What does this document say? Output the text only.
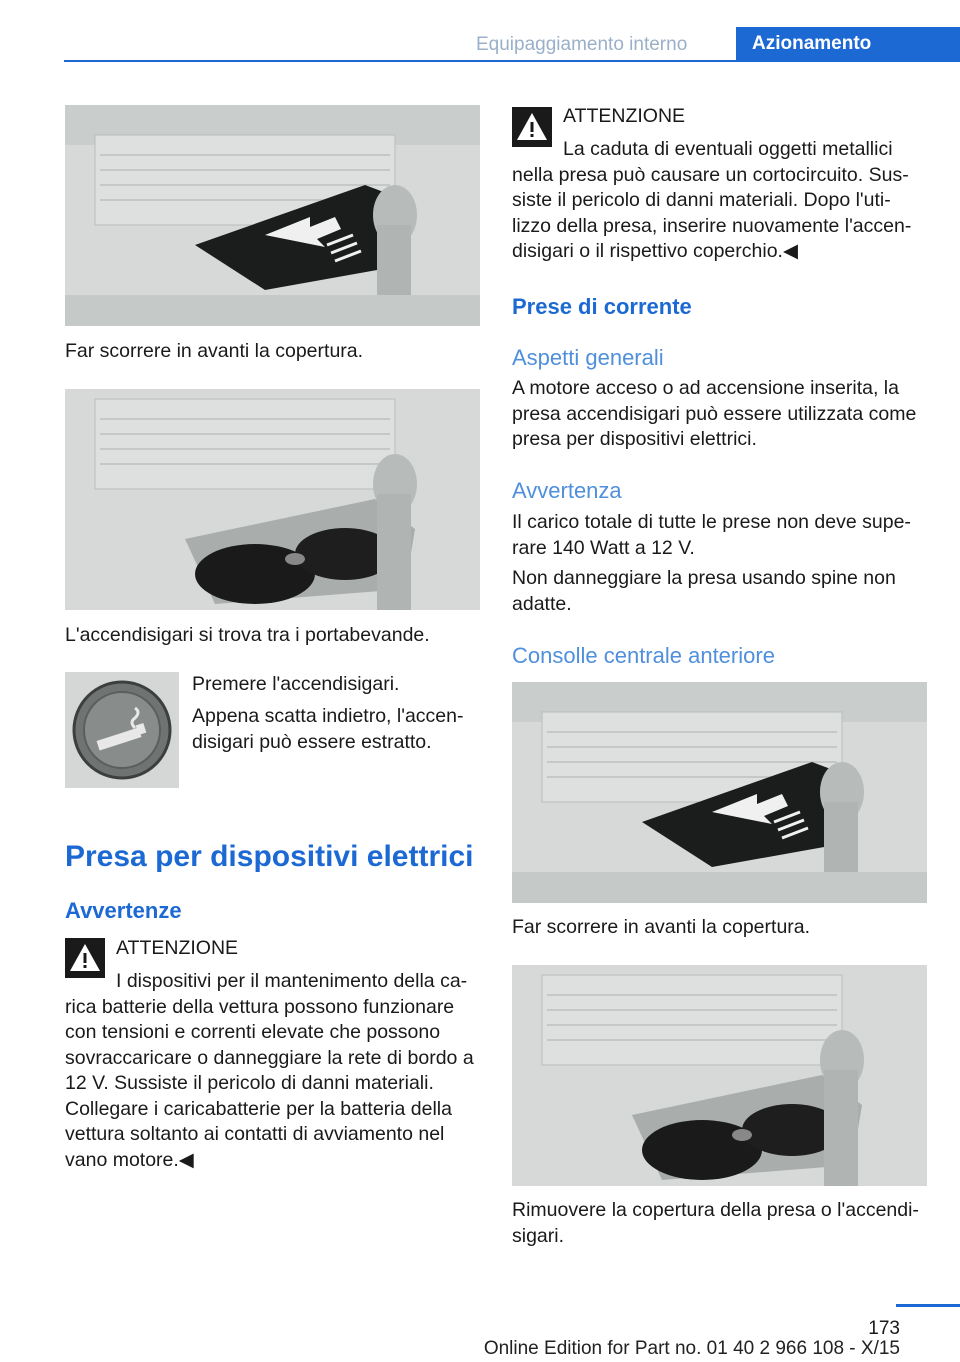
Equipaggiamento interno	Azionamento
Far scorrere in avanti la copertura.
L'accendisigari si trova tra i portabevande.
Premere l'accendisigari.
Appena scatta indietro, l'accen‐disigari può essere estratto.
Presa per dispositivi elettrici
Avvertenze
ATTENZIONE
I dispositivi per il mantenimento della ca‐rica batterie della vettura possono funzionare con tensioni e correnti elevate che possono sovraccaricare o danneggiare la rete di bordo a 12 V. Sussiste il pericolo di danni materiali. Collegare i caricabatterie per la batteria della vettura soltanto ai contatti di avviamento nel vano motore.◀
ATTENZIONE
La caduta di eventuali oggetti metallici nella presa può causare un cortocircuito. Sus‐siste il pericolo di danni materiali. Dopo l'uti‐lizzo della presa, inserire nuovamente l'accen‐disigari o il rispettivo coperchio.◀
Prese di corrente
Aspetti generali
A motore acceso o ad accensione inserita, la presa accendisigari può essere utilizzata come presa per dispositivi elettrici.
Avvertenza
Il carico totale di tutte le prese non deve supe‐rare 140 Watt a 12 V.
Non danneggiare la presa usando spine non adatte.
Consolle centrale anteriore
Far scorrere in avanti la copertura.
Rimuovere la copertura della presa o l'accendi‐sigari.
173
Online Edition for Part no. 01 40 2 966 108 - X/15
